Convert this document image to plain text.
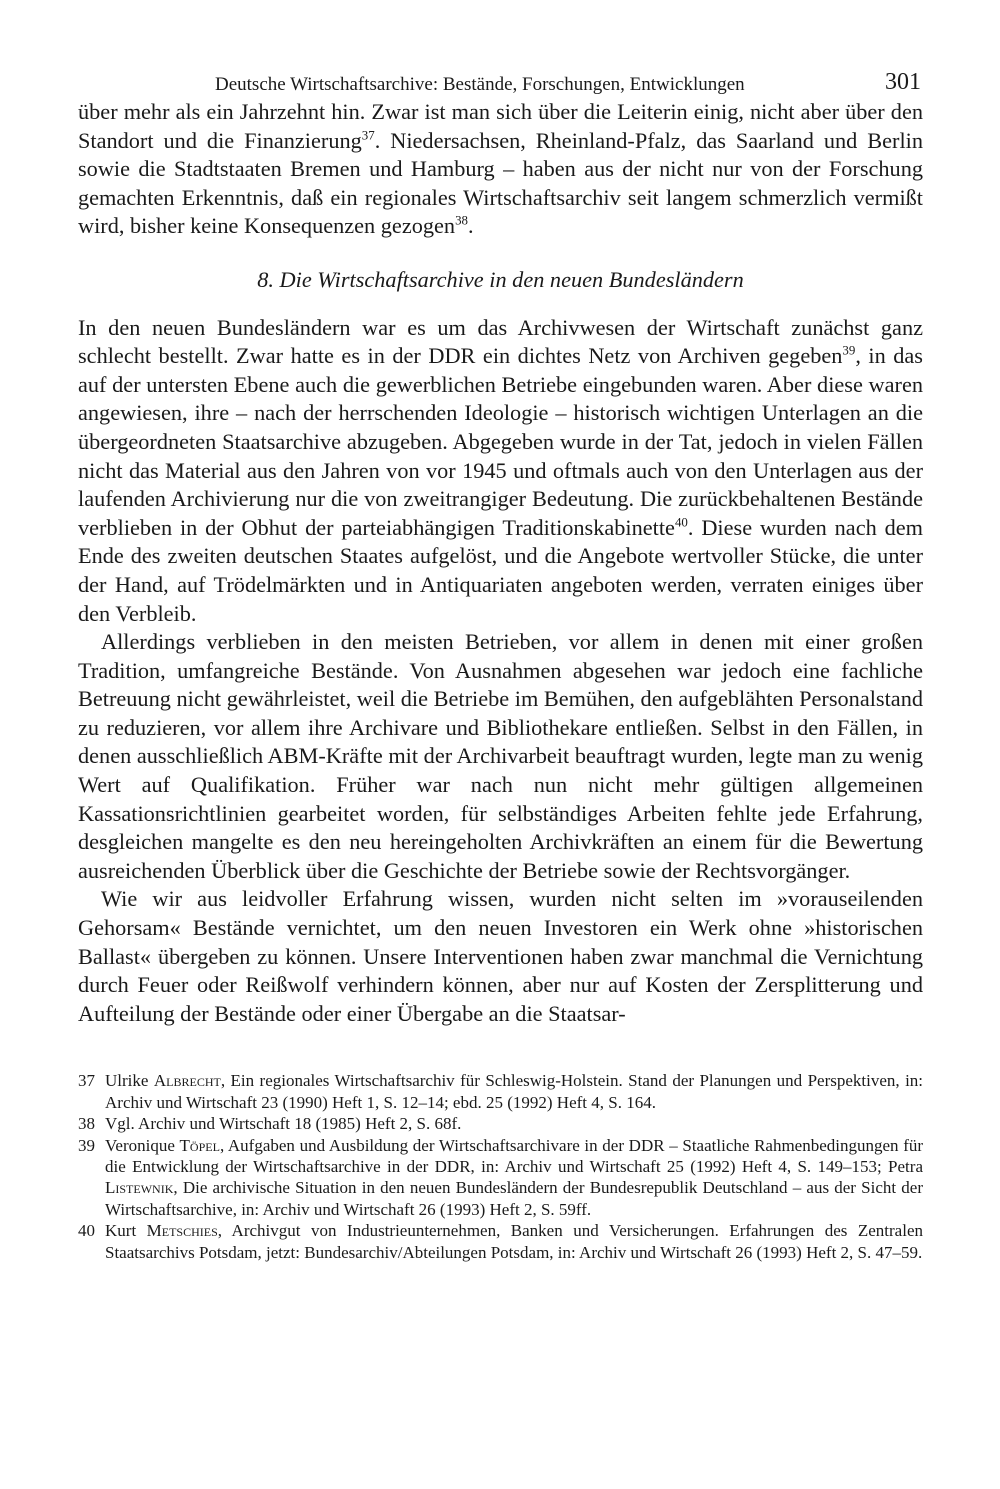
Deutsche Wirtschaftsarchive: Bestände, Forschungen, Entwicklungen	301

über mehr als ein Jahrzehnt hin. Zwar ist man sich über die Leiterin einig, nicht aber über den Standort und die Finanzierung$^{37}$. Niedersachsen, Rheinland-Pfalz, das Saarland und Berlin sowie die Stadtstaaten Bremen und Hamburg – haben aus der nicht nur von der Forschung gemachten Erkenntnis, daß ein regionales Wirtschaftsarchiv seit langem schmerzlich vermißt wird, bisher keine Konsequenzen gezogen$^{38}$.

8. Die Wirtschaftsarchive in den neuen Bundesländern

In den neuen Bundesländern war es um das Archivwesen der Wirtschaft zunächst ganz schlecht bestellt. Zwar hatte es in der DDR ein dichtes Netz von Archiven gegeben$^{39}$, in das auf der untersten Ebene auch die gewerblichen Betriebe eingebunden waren. Aber diese waren angewiesen, ihre – nach der herrschenden Ideologie – historisch wichtigen Unterlagen an die übergeordneten Staatsarchive abzugeben. Abgegeben wurde in der Tat, jedoch in vielen Fällen nicht das Material aus den Jahren von vor 1945 und oftmals auch von den Unterlagen aus der laufenden Archivierung nur die von zweitrangiger Bedeutung. Die zurückbehaltenen Bestände verblieben in der Obhut der parteiabhängigen Traditionskabinette$^{40}$. Diese wurden nach dem Ende des zweiten deutschen Staates aufgelöst, und die Angebote wertvoller Stücke, die unter der Hand, auf Trödelmärkten und in Antiquariaten angeboten werden, verraten einiges über den Verbleib.

Allerdings verblieben in den meisten Betrieben, vor allem in denen mit einer großen Tradition, umfangreiche Bestände. Von Ausnahmen abgesehen war jedoch eine fachliche Betreuung nicht gewährleistet, weil die Betriebe im Bemühen, den aufgeblähten Personalstand zu reduzieren, vor allem ihre Archivare und Bibliothekare entließen. Selbst in den Fällen, in denen ausschließlich ABM-Kräfte mit der Archivarbeit beauftragt wurden, legte man zu wenig Wert auf Qualifikation. Früher war nach nun nicht mehr gültigen allgemeinen Kassationsrichtlinien gearbeitet worden, für selbständiges Arbeiten fehlte jede Erfahrung, desgleichen mangelte es den neu hereingeholten Archivkräften an einem für die Bewertung ausreichenden Überblick über die Geschichte der Betriebe sowie der Rechtsvorgänger.

Wie wir aus leidvoller Erfahrung wissen, wurden nicht selten im »vorauseilenden Gehorsam« Bestände vernichtet, um den neuen Investoren ein Werk ohne »historischen Ballast« übergeben zu können. Unsere Interventionen haben zwar manchmal die Vernichtung durch Feuer oder Reißwolf verhindern können, aber nur auf Kosten der Zersplitterung und Aufteilung der Bestände oder einer Übergabe an die Staatsar-

37 Ulrike Albrecht, Ein regionales Wirtschaftsarchiv für Schleswig-Holstein. Stand der Planungen und Perspektiven, in: Archiv und Wirtschaft 23 (1990) Heft 1, S. 12–14; ebd. 25 (1992) Heft 4, S. 164.

38 Vgl. Archiv und Wirtschaft 18 (1985) Heft 2, S. 68f.

39 Veronique Töpel, Aufgaben und Ausbildung der Wirtschaftsarchivare in der DDR – Staatliche Rahmenbedingungen für die Entwicklung der Wirtschaftsarchive in der DDR, in: Archiv und Wirtschaft 25 (1992) Heft 4, S. 149–153; Petra Listewnik, Die archivische Situation in den neuen Bundesländern der Bundesrepublik Deutschland – aus der Sicht der Wirtschaftsarchive, in: Archiv und Wirtschaft 26 (1993) Heft 2, S. 59ff.

40 Kurt Metschies, Archivgut von Industrieunternehmen, Banken und Versicherungen. Erfahrungen des Zentralen Staatsarchivs Potsdam, jetzt: Bundesarchiv/Abteilungen Potsdam, in: Archiv und Wirtschaft 26 (1993) Heft 2, S. 47–59.
